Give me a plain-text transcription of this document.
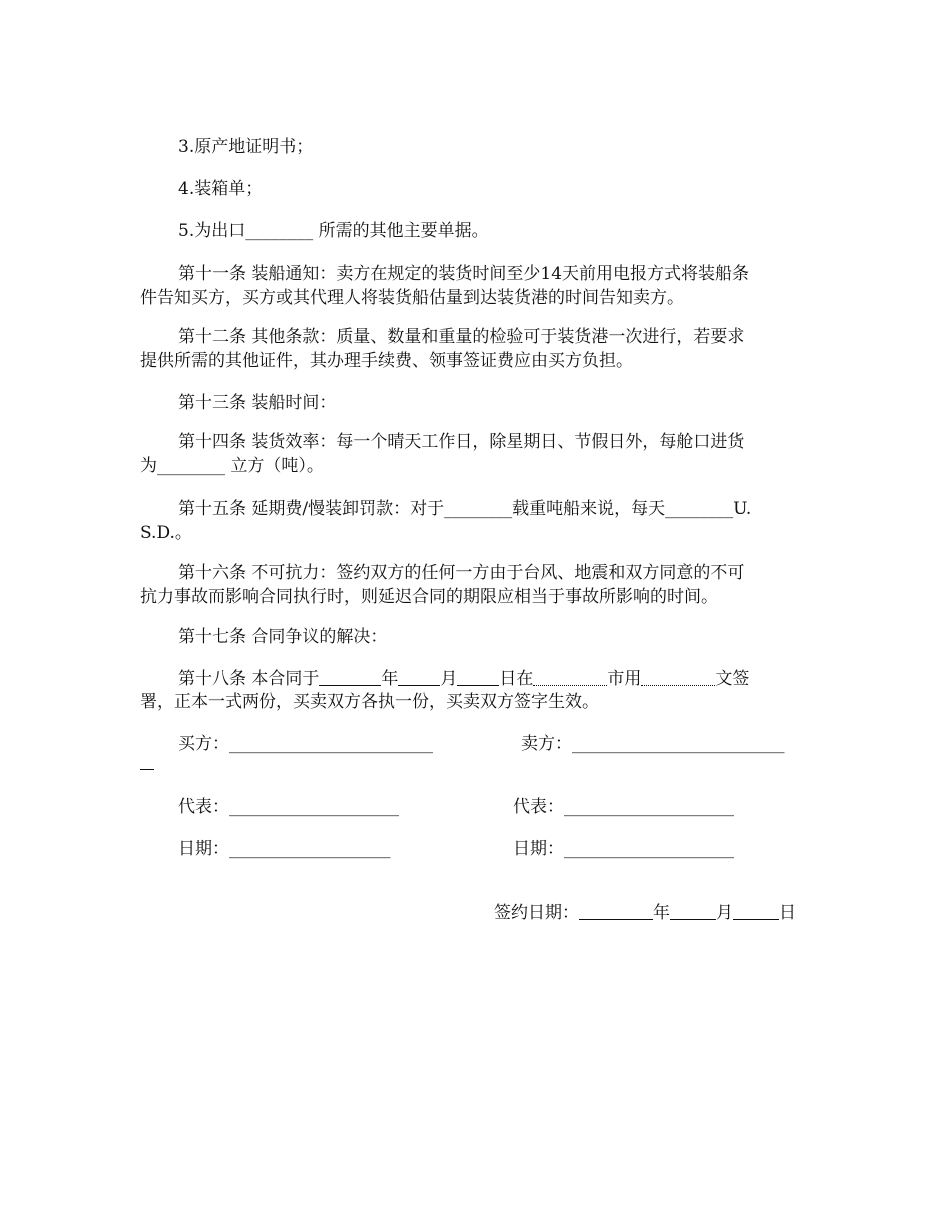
3.原产地证明书；
4.装箱单；
5.为出口________ 所需的其他主要单据。
第十一条 装船通知：卖方在规定的装货时间至少14天前用电报方式将装船条
件告知买方，买方或其代理人将装货船估量到达装货港的时间告知卖方。
第十二条 其他条款：质量、数量和重量的检验可于装货港一次进行，若要求
提供所需的其他证件，其办理手续费、领事签证费应由买方负担。
第十三条 装船时间：
第十四条 装货效率：每一个晴天工作日，除星期日、节假日外，每舱口进货
为________ 立方（吨）。
第十五条 延期费/慢装卸罚款：对于________载重吨船来说，每天________U.
S.D.。
第十六条 不可抗力：签约双方的任何一方由于台风、地震和双方同意的不可
抗力事故而影响合同执行时，则延迟合同的期限应相当于事故所影响的时间。
第十七条 合同争议的解决：
第十八条 本合同于	年 月 日在	市用	文签
署，正本一式两份，买卖双方各执一份，买卖双方签字生效。
买方：________________________	卖方：_________________________
代表：____________________	代表：____________________
日期：___________________	日期：____________________
签约日期：	年	月	日
